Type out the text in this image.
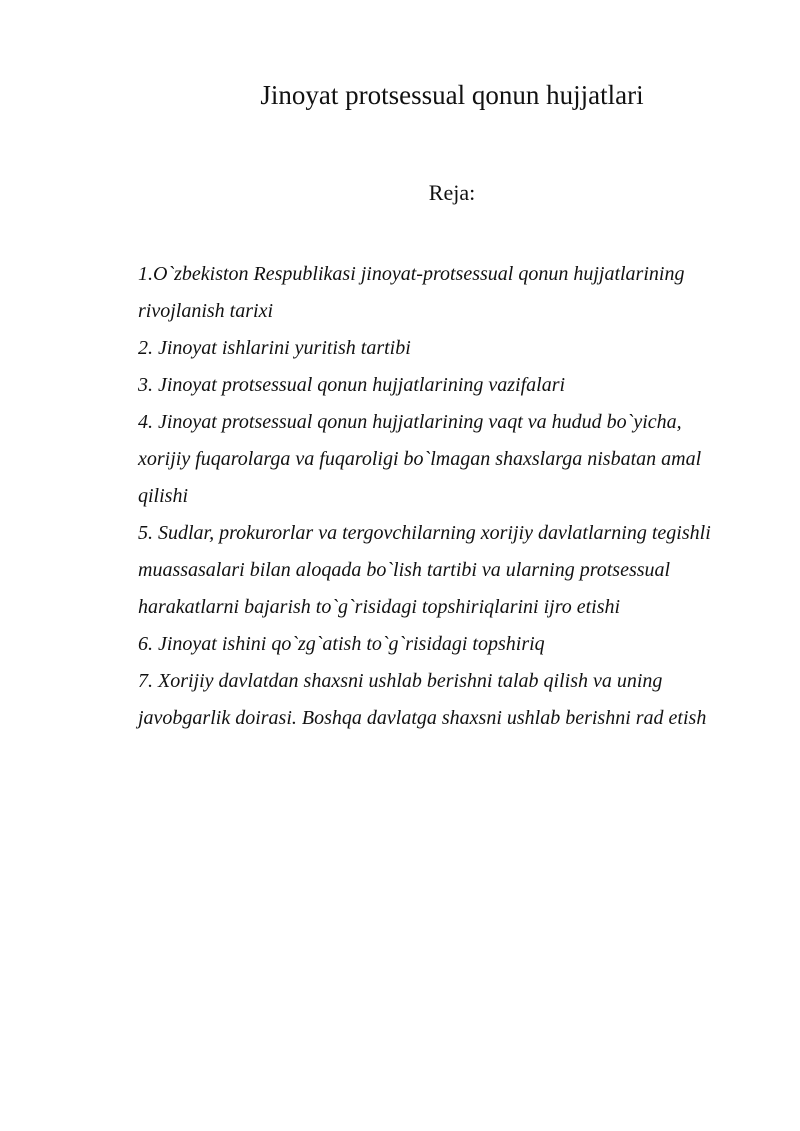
Jinoyat protsessual qonun hujjatlari
Reja:
1.O`zbekiston Respublikasi jinoyat-protsessual qonun hujjatlarining rivojlanish tarixi
2. Jinoyat ishlarini yuritish tartibi
3. Jinoyat protsessual qonun hujjatlarining vazifalari
4. Jinoyat protsessual qonun hujjatlarining vaqt va hudud bo`yicha, xorijiy fuqarolarga va fuqaroligi bo`lmagan shaxslarga nisbatan amal qilishi
5. Sudlar, prokurorlar va tergovchilarning xorijiy davlatlarning tegishli muassasalari bilan aloqada bo`lish tartibi va ularning protsessual harakatlarni bajarish to`g`risidagi topshiriqlarini ijro etishi
6. Jinoyat ishini qo`zg`atish to`g`risidagi topshiriq
7. Xorijiy davlatdan shaxsni ushlab berishni talab qilish va uning javobgarlik doirasi. Boshqa davlatga shaxsni ushlab berishni rad etish
